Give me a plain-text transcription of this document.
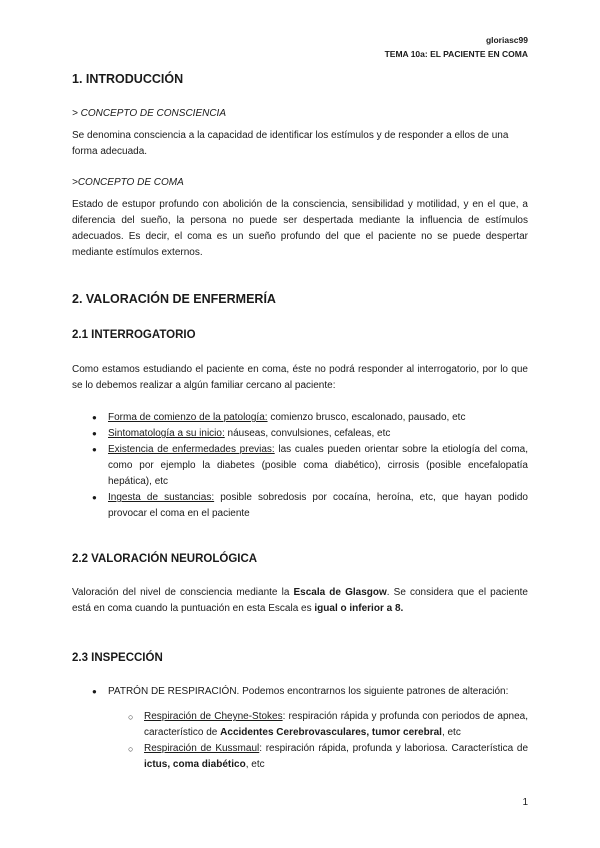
gloriasc99
TEMA 10a: EL PACIENTE EN COMA
1. INTRODUCCIÓN

> CONCEPTO DE CONSCIENCIA

Se denomina consciencia a la capacidad de identificar los estímulos y de responder a ellos de una forma adecuada.

>CONCEPTO DE COMA

Estado de estupor profundo con abolición de la consciencia, sensibilidad y motilidad, y en el que, a diferencia del sueño, la persona no puede ser despertada mediante la influencia de estímulos adecuados. Es decir, el coma es un sueño profundo del que el paciente no se puede despertar mediante estímulos externos.

2. VALORACIÓN DE ENFERMERÍA
2.1 INTERROGATORIO

Como estamos estudiando el paciente en coma, éste no podrá responder al interrogatorio, por lo que se lo debemos realizar a algún familiar cercano al paciente:

● Forma de comienzo de la patología: comienzo brusco, escalonado, pausado, etc
● Sintomatología a su inicio: náuseas, convulsiones, cefaleas, etc
● Existencia de enfermedades previas: las cuales pueden orientar sobre la etiología del coma, como por ejemplo la diabetes (posible coma diabético), cirrosis (posible encefalopatía hepática), etc
● Ingesta de sustancias: posible sobredosis por cocaína, heroína, etc, que hayan podido provocar el coma en el paciente
2.2 VALORACIÓN NEUROLÓGICA

Valoración del nivel de consciencia mediante la Escala de Glasgow. Se considera que el paciente está en coma cuando la puntuación en esta Escala es igual o inferior a 8.

2.3 INSPECCIÓN
● PATRÓN DE RESPIRACIÓN. Podemos encontrarnos los siguiente patrones de alteración:
○ Respiración de Cheyne-Stokes: respiración rápida y profunda con periodos de apnea, característico de Accidentes Cerebrovasculares, tumor cerebral, etc
○ Respiración de Kussmaul: respiración rápida, profunda y laboriosa. Característica de ictus, coma diabético, etc
1
